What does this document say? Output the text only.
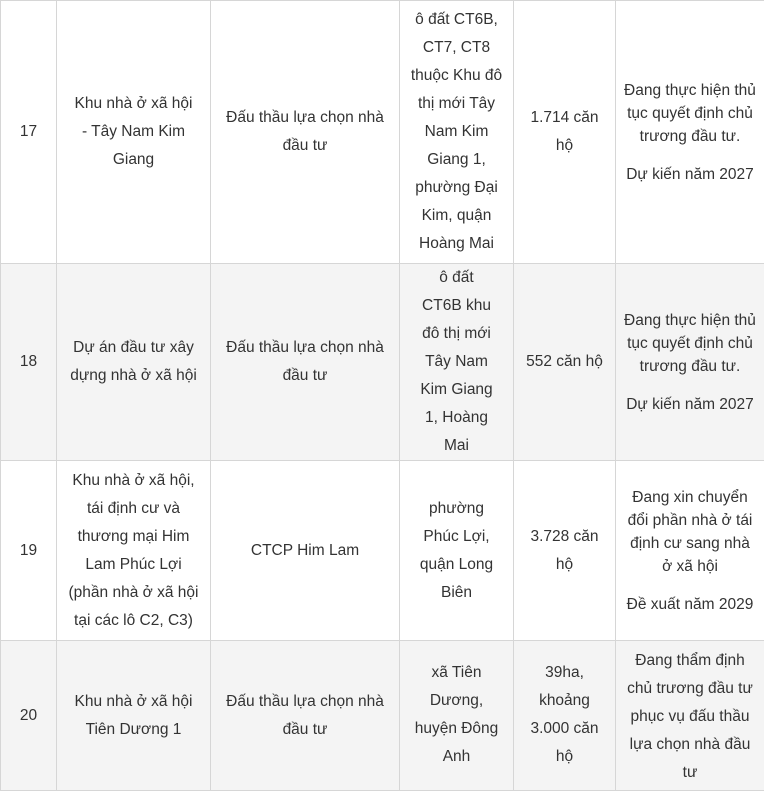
17	Khu nhà ở xã hội - Tây Nam Kim Giang	Đấu thầu lựa chọn nhà đầu tư	ô đất CT6B, CT7, CT8 thuộc Khu đô thị mới Tây Nam Kim Giang 1, phường Đại Kim, quận Hoàng Mai	1.714 căn hộ	Đang thực hiện thủ tục quyết định chủ trương đầu tư.

Dự kiến năm 2027

18	Dự án đầu tư xây dựng nhà ở xã hội	Đấu thầu lựa chọn nhà đầu tư	ô đất CT6B khu đô thị mới Tây Nam Kim Giang 1, Hoàng Mai	552 căn hộ	Đang thực hiện thủ tục quyết định chủ trương đầu tư.

Dự kiến năm 2027

19	Khu nhà ở xã hội, tái định cư và thương mại Him Lam Phúc Lợi (phần nhà ở xã hội tại các lô C2, C3)	CTCP Him Lam	phường Phúc Lợi, quận Long Biên	3.728 căn hộ	Đang xin chuyển đổi phần nhà ở tái định cư sang nhà ở xã hội

Đề xuất năm 2029

20	Khu nhà ở xã hội Tiên Dương 1	Đấu thầu lựa chọn nhà đầu tư	xã Tiên Dương, huyện Đông Anh	39ha, khoảng 3.000 căn hộ	Đang thẩm định chủ trương đầu tư phục vụ đấu thầu lựa chọn nhà đầu tư
